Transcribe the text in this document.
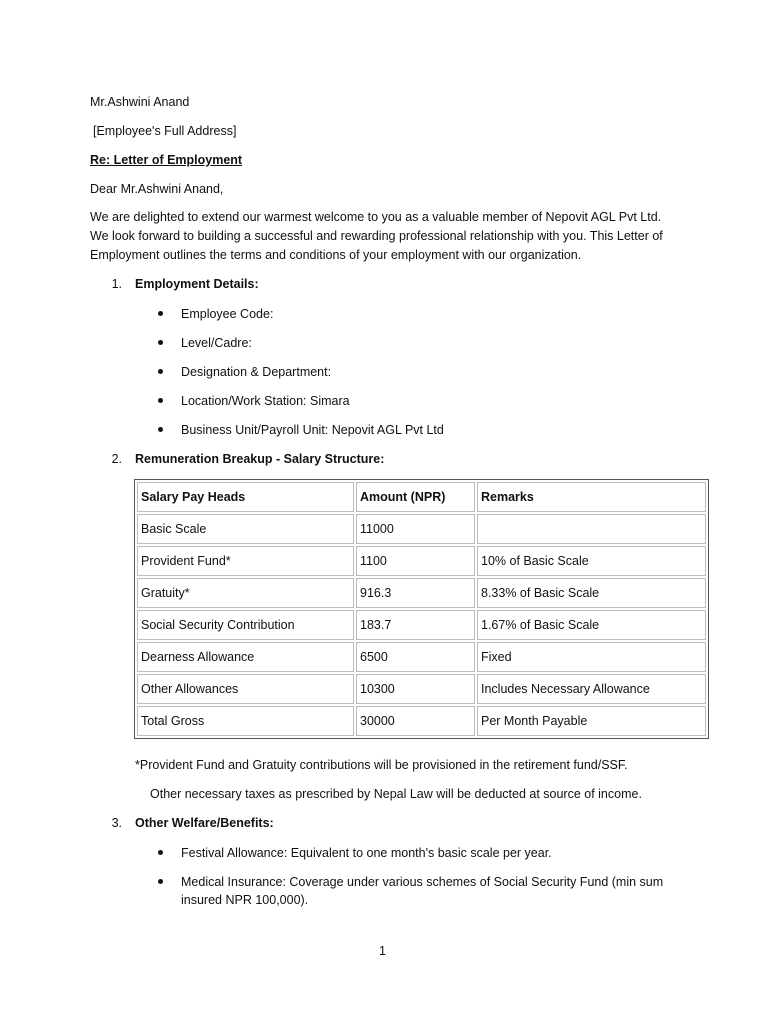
Mr.Ashwini Anand
[Employee's Full Address]
Re: Letter of Employment
Dear Mr.Ashwini Anand,
We are delighted to extend our warmest welcome to you as a valuable member of Nepovit AGL Pvt Ltd.
We look forward to building a successful and rewarding professional relationship with you. This Letter of
Employment outlines the terms and conditions of your employment with our organization.
1. Employment Details:
Employee Code:
Level/Cadre:
Designation & Department:
Location/Work Station: Simara
Business Unit/Payroll Unit: Nepovit AGL Pvt Ltd
2. Remuneration Breakup - Salary Structure:
Salary Pay Heads	Amount (NPR)	Remarks
Basic Scale	11000	
Provident Fund*	1100	10% of Basic Scale
Gratuity*	916.3	8.33% of Basic Scale
Social Security Contribution	183.7	1.67% of Basic Scale
Dearness Allowance	6500	Fixed
Other Allowances	10300	Includes Necessary Allowance
Total Gross	30000	Per Month Payable
*Provident Fund and Gratuity contributions will be provisioned in the retirement fund/SSF.
Other necessary taxes as prescribed by Nepal Law will be deducted at source of income.
3. Other Welfare/Benefits:
Festival Allowance: Equivalent to one month's basic scale per year.
Medical Insurance: Coverage under various schemes of Social Security Fund (min sum
insured NPR 100,000).
1
